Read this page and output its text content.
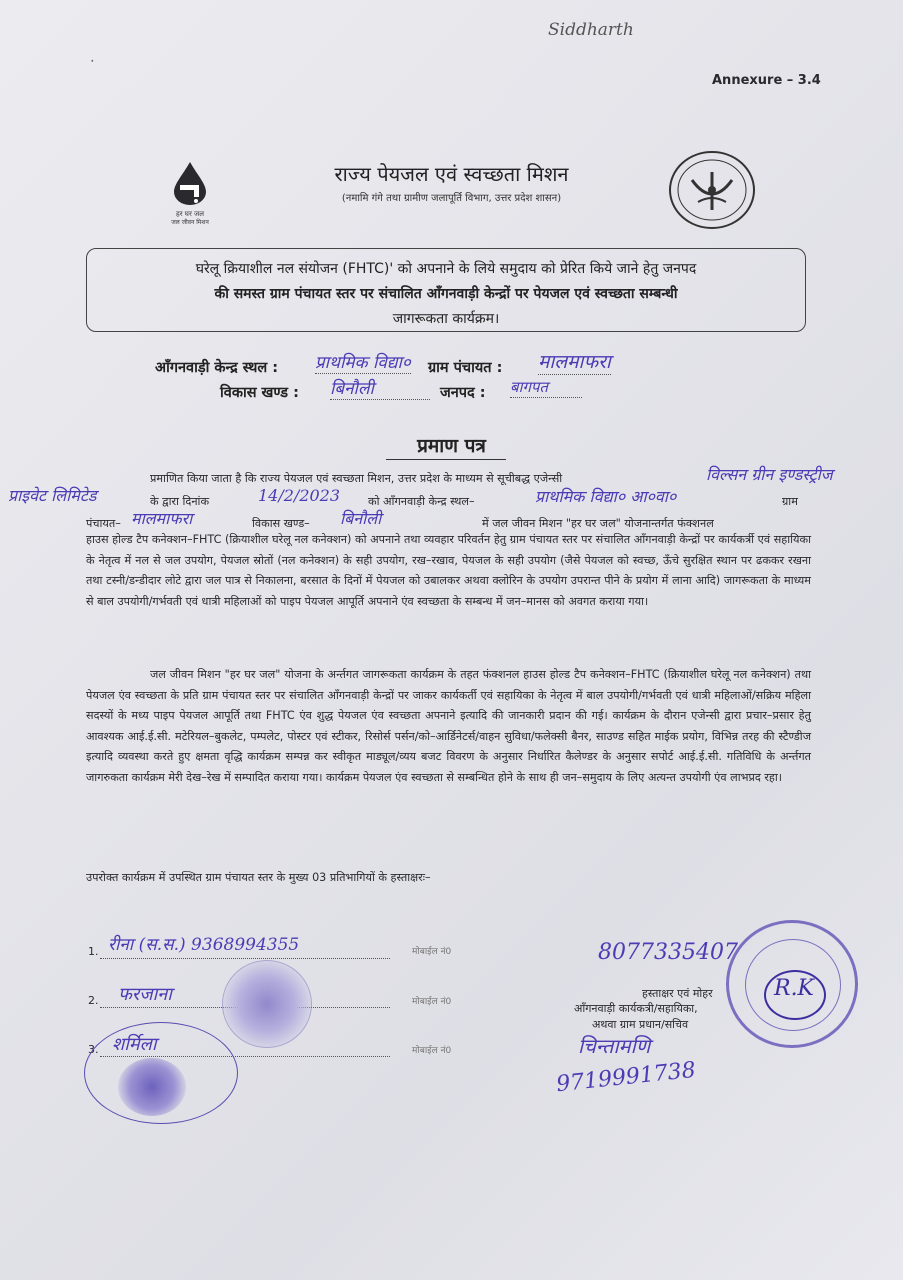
Siddharth
·
Annexure – 3.4
हर घर जल
जल जीवन मिशन
राज्य पेयजल एवं स्वच्छता मिशन
(नमामि गंगे तथा ग्रामीण जलापूर्ति विभाग, उत्तर प्रदेश शासन)
घरेलू क्रियाशील नल संयोजन (FHTC)' को अपनाने के लिये समुदाय को प्रेरित किये जाने हेतु जनपद
की समस्त ग्राम पंचायत स्तर पर संचालित आँगनवाड़ी केन्द्रों पर पेयजल एवं स्वच्छता सम्बन्धी
जागरूकता कार्यक्रम।
आँगनवाड़ी केन्द्र स्थल : प्राथमिक विद्या० ग्राम पंचायत : मालमाफरा
विकास खण्ड : बिनौली	जनपद : बागपत
प्रमाण पत्र
प्रमाणित किया जाता है कि राज्य पेयजल एवं स्वच्छता मिशन, उत्तर प्रदेश के माध्यम से सूचीबद्ध एजेन्सी	विल्सन ग्रीन इण्डस्ट्रीज
प्राइवेट लिमिटेड	के द्वारा दिनांक	14/2/2023 को आँगनवाड़ी केन्द्र स्थल–	प्राथमिक विद्या० आ०वा०	ग्राम
पंचायत– मालमाफरा	विकास खण्ड– बिनौली	में जल जीवन मिशन "हर घर जल" योजनान्तर्गत फंक्शनल
हाउस होल्ड टैप कनेक्शन–FHTC (क्रियाशील घरेलू नल कनेक्शन) को अपनाने तथा व्यवहार परिवर्तन हेतु ग्राम पंचायत स्तर पर संचालित आँगनवाड़ी केन्द्रों पर कार्यकर्त्री एवं सहायिका के नेतृत्व में नल से जल उपयोग, पेयजल स्रोतों (नल कनेक्शन) के सही उपयोग, रख–रखाव, पेयजल के सही उपयोग (जैसे पेयजल को स्वच्छ, ऊँचे सुरक्षित स्थान पर ढककर रखना तथा टस्नी/डन्डीदार लोटे द्वारा जल पात्र से निकालना, बरसात के दिनों में पेयजल को उबालकर अथवा क्लोरिन के उपयोग उपरान्त पीने के प्रयोग में लाना आदि) जागरूकता के माध्यम से बाल उपयोगी/गर्भवती एवं धात्री महिलाओं को पाइप पेयजल आपूर्ति अपनाने एंव स्वच्छता के सम्बन्ध में जन–मानस को अवगत कराया गया।
जल जीवन मिशन "हर घर जल" योजना के अर्न्तगत जागरूकता कार्यक्रम के तहत फंक्शनल हाउस होल्ड टैप कनेक्शन–FHTC (क्रियाशील घरेलू नल कनेक्शन) तथा पेयजल एंव स्वच्छता के प्रति ग्राम पंचायत स्तर पर संचालित आँगनवाड़ी केन्द्रों पर जाकर कार्यकर्ती एवं सहायिका के नेतृत्व में बाल उपयोगी/गर्भवती एवं धात्री महिलाओं/सक्रिय महिला सदस्यों के मध्य पाइप पेयजल आपूर्ति तथा FHTC एंव शुद्ध पेयजल एंव स्वच्छता अपनाने इत्यादि की जानकारी प्रदान की गई। कार्यक्रम के दौरान एजेन्सी द्वारा प्रचार–प्रसार हेतु आवश्यक आई.ई.सी. मटेरियल–बुकलेट, पम्पलेट, पोस्टर एवं स्टीकर, रिसोर्स पर्सन/को–आर्डिनेटर्स/वाहन सुविधा/फलेक्सी बैनर, साउण्ड सहित माईक प्रयोग, विभिन्न तरह की स्टैण्डीज इत्यादि व्यवस्था करते हुए क्षमता वृद्धि कार्यक्रम सम्पन्न कर स्वीकृत माड्यूल/व्यय बजट विवरण के अनुसार निर्धारित कैलेण्डर के अनुसार सपोर्ट आई.ई.सी. गतिविधि के अर्न्तगत जागरुकता कार्यक्रम मेरी देख–रेख में सम्पादित कराया गया। कार्यक्रम पेयजल एंव स्वच्छता से सम्बन्धित होने के साथ ही जन–समुदाय के लिए अत्यन्त उपयोगी एंव लाभप्रद रहा।
उपरोक्त कार्यक्रम में उपस्थित ग्राम पंचायत स्तर के मुख्य 03 प्रतिभागियों के हस्ताक्षरः–
1. रीना (स.स.) 9368994355	मोबाईल नं0
2. फरजाना	मोबाईल नं0
3. शर्मिला	मोबाईल नं0
8077335407
हस्ताक्षर एवं मोहर
आँगनवाड़ी कार्यकत्री/सहायिका,
अथवा ग्राम प्रधान/सचिव
चिन्तामणि
9719991738
R.K
